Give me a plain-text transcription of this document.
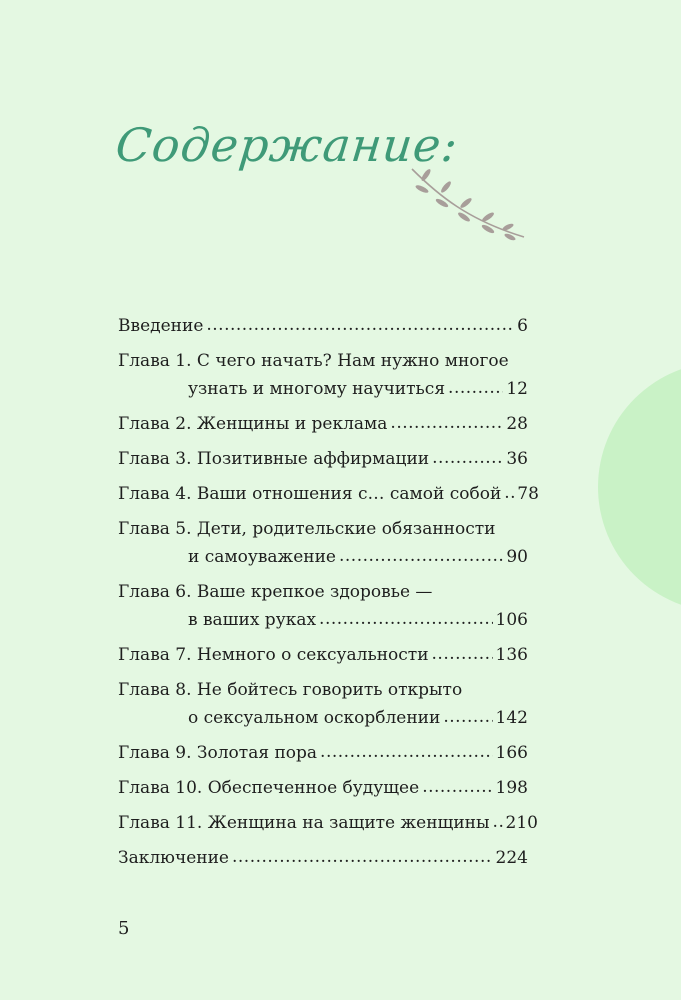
Содержание:
Введение .....	6
Глава 1. С чего начать? Нам нужно многое
узнать и многому научиться .....	12
Глава 2. Женщины и реклама .....	28
Глава 3. Позитивные аффирмации .....	36
Глава 4. Ваши отношения с… самой собой ..... 78
Глава 5. Дети, родительские обязанности
и самоуважение .....	90
Глава 6. Ваше крепкое здоровье —
в ваших руках .....	106
Глава 7. Немного о сексуальности .....	136
Глава 8. Не бойтесь говорить открыто
о сексуальном оскорблении .....	142
Глава 9. Золотая пора .....	166
Глава 10. Обеспеченное будущее .....	198
Глава 11. Женщина на защите женщины ..... 210
Заключение .....	224
5
